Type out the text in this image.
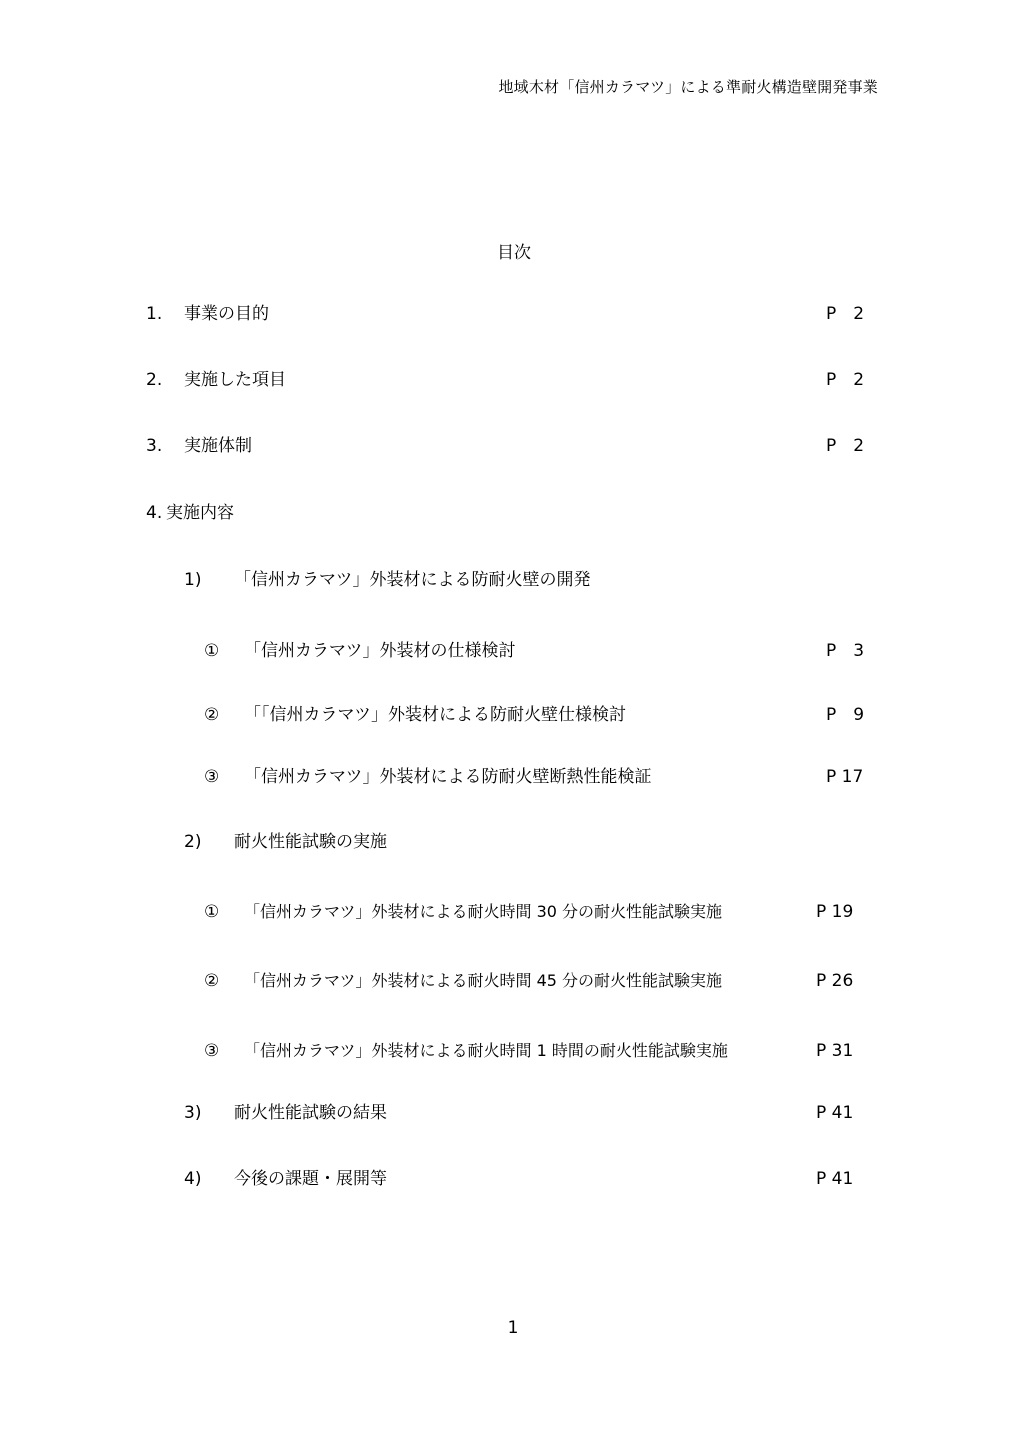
地域木材「信州カラマツ」による準耐火構造壁開発事業
目次
1. 事業の目的	P　2
2. 実施した項目	P　2
3. 実施体制	P　2
4. 実施内容
1) 「信州カラマツ」外装材による防耐火壁の開発
① 「信州カラマツ」外装材の仕様検討	P　3
② 「「信州カラマツ」外装材による防耐火壁仕様検討	P　9
③ 「信州カラマツ」外装材による防耐火壁断熱性能検証	P 17
2) 耐火性能試験の実施
① 「信州カラマツ」外装材による耐火時間 30 分の耐火性能試験実施	P 19
② 「信州カラマツ」外装材による耐火時間 45 分の耐火性能試験実施	P 26
③ 「信州カラマツ」外装材による耐火時間 1 時間の耐火性能試験実施	P 31
3) 耐火性能試験の結果	P 41
4) 今後の課題・展開等	P 41
1
